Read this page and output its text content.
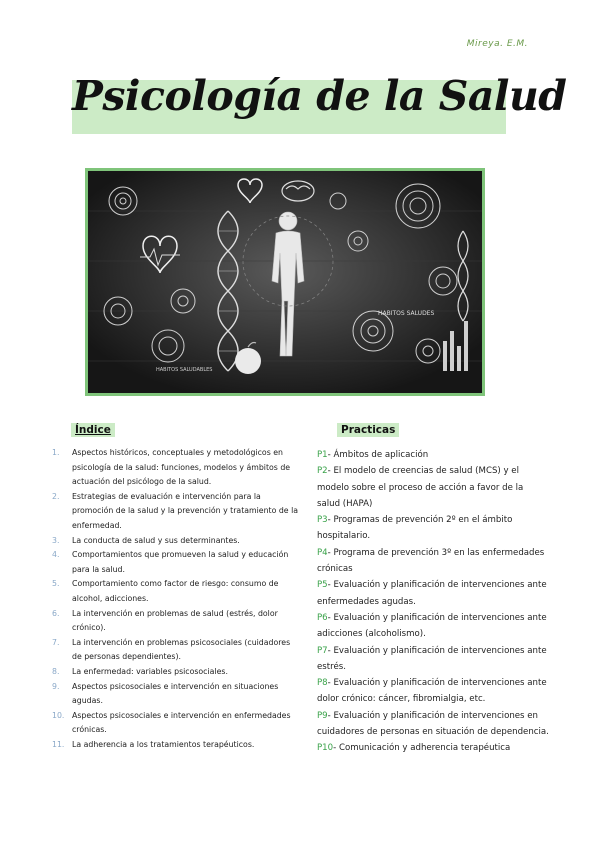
Mireya. E.M.
Psicología de la Salud
HABITOS SALUDES
HABITOS SALUDABLES
Índice	Practicas
1.	Aspectos históricos, conceptuales y metodológicos en psicología de la salud: funciones, modelos y ámbitos de actuación del psicólogo de la salud.
2.	Estrategias de evaluación e intervención para la promoción de la salud y la prevención y tratamiento de la enfermedad.
3.	La conducta de salud y sus determinantes.
4.	Comportamientos que promueven la salud y educación para la salud.
5.	Comportamiento como factor de riesgo: consumo de alcohol, adicciones.
6.	La intervención en problemas de salud (estrés, dolor crónico).
7.	La intervención en problemas psicosociales (cuidadores de personas dependientes).
8.	La enfermedad: variables psicosociales.
9.	Aspectos psicosociales e intervención en situaciones agudas.
10. Aspectos psicosociales e intervención en enfermedades crónicas.
11. La adherencia a los tratamientos terapéuticos.
P1- Ámbitos de aplicación
P2- El modelo de creencias de salud (MCS) y el modelo sobre el proceso de acción a favor de la salud (HAPA)
P3- Programas de prevención 2º en el ámbito hospitalario.
P4- Programa de prevención 3º en las enfermedades crónicas
P5- Evaluación y planificación de intervenciones ante enfermedades agudas.
P6- Evaluación y planificación de intervenciones ante adicciones (alcoholismo).
P7- Evaluación y planificación de intervenciones ante estrés.
P8- Evaluación y planificación de intervenciones ante dolor crónico: cáncer, fibromialgia, etc.
P9- Evaluación y planificación de intervenciones en cuidadores de personas en situación de dependencia.
P10- Comunicación y adherencia terapéutica
